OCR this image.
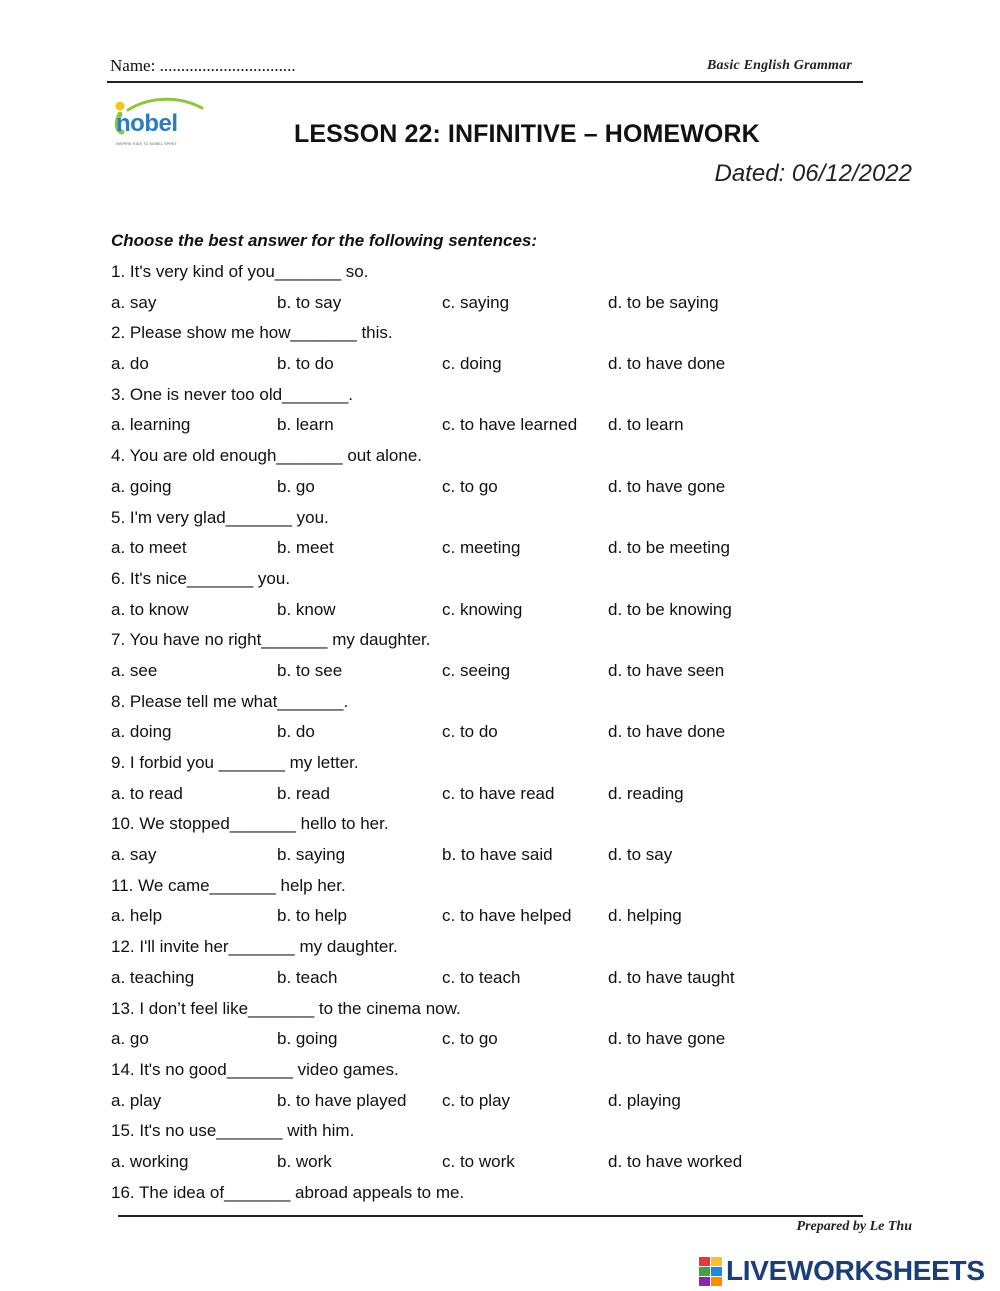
Name: ................................	Basic English Grammar
nobel
INSPIRE KIDS TO NOBEL SPIRIT	LESSON 22: INFINITIVE – HOMEWORK
Dated: 06/12/2022
Choose the best answer for the following sentences:
1. It's very kind of you_______ so.
a. say	b. to say	c. saying	d. to be saying
2. Please show me how_______ this.
a. do	b. to do	c. doing	d. to have done
3. One is never too old_______.
a. learning	b. learn	c. to have learned d. to learn
4. You are old enough_______ out alone.
a. going	b. go	c. to go	d. to have gone
5. I'm very glad_______ you.
a. to meet	b. meet	c. meeting	d. to be meeting
6. It's nice_______ you.
a. to know	b. know	c. knowing	d. to be knowing
7. You have no right_______ my daughter.
a. see	b. to see	c. seeing	d. to have seen
8. Please tell me what_______.
a. doing	b. do	c. to do	d. to have done
9. I forbid you _______ my letter.
a. to read	b. read	c. to have read	d. reading
10. We stopped_______ hello to her.
a. say	b. saying	b. to have said	d. to say
11. We came_______ help her.
a. help	b. to help	c. to have helped d. helping
12. I'll invite her_______ my daughter.
a. teaching	b. teach	c. to teach	d. to have taught
13. I don’t feel like_______ to the cinema now.
a. go	b. going	c. to go	d. to have gone
14. It's no good_______ video games.
a. play	b. to have played c. to play	d. playing
15. It's no use_______ with him.
a. working	b. work	c. to work	d. to have worked
16. The idea of_______ abroad appeals to me.
Prepared by Le Thu
LIVEWORKSHEETS
